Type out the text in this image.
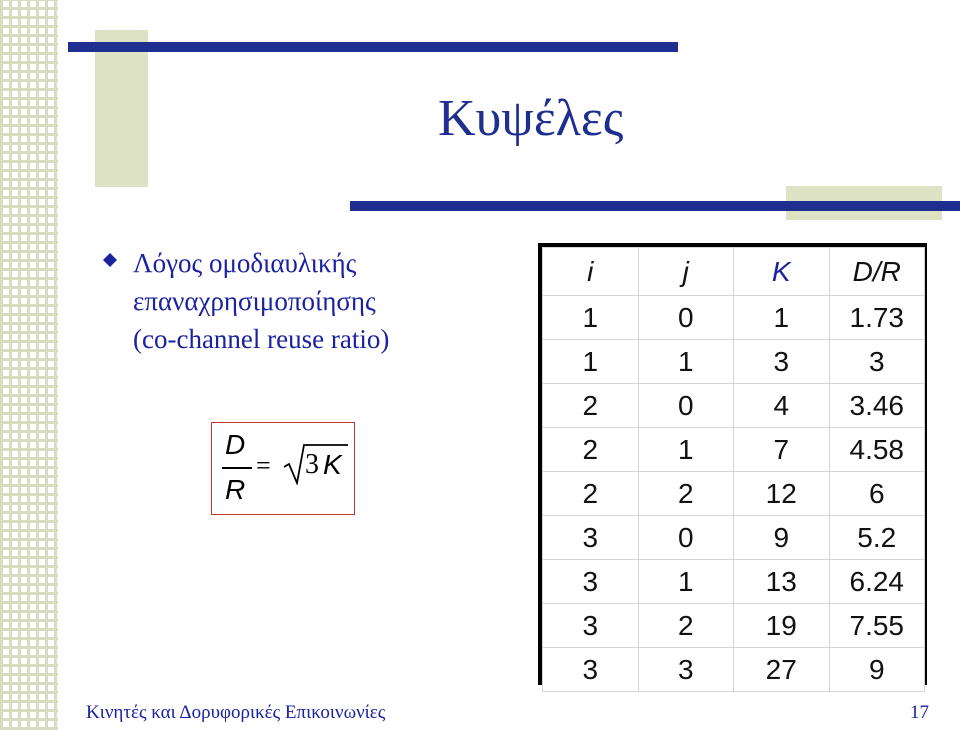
Κυψέλες
Λόγος ομοδιαυλικής
επαναχρησιμοποίησης
(co-channel reuse ratio)
D
R
= 3 K
i	j	K	D/R
1	0	1	1.73
1	1	3	3
2	0	4	3.46
2	1	7	4.58
2	2	12	6
3	0	9	5.2
3	1	13	6.24
3	2	19	7.55
3	3	27	9
Κινητές και Δορυφορικές Επικοινωνίες	17
